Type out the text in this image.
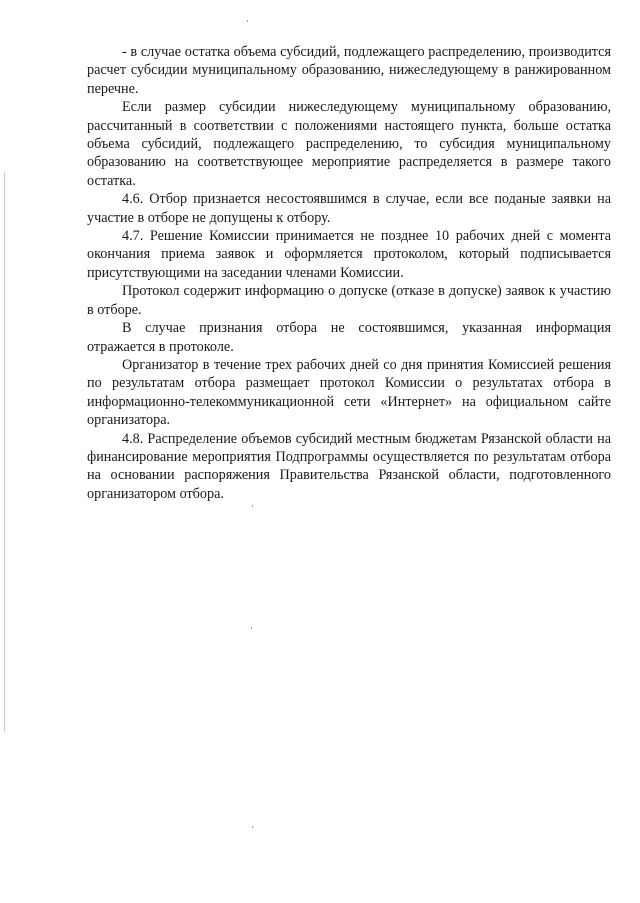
- в случае остатка объема субсидий, подлежащего распределению, производится расчет субсидии муниципальному образованию, нижеследующему в ранжированном перечне.

Если размер субсидии нижеследующему муниципальному образованию, рассчитанный в соответствии с положениями настоящего пункта, больше остатка объема субсидий, подлежащего распределению, то субсидия муниципальному образованию на соответствующее мероприятие распределяется в размере такого остатка.

4.6. Отбор признается несостоявшимся в случае, если все поданые заявки на участие в отборе не допущены к отбору.

4.7. Решение Комиссии принимается не позднее 10 рабочих дней с момента окончания приема заявок и оформляется протоколом, который подписывается присутствующими на заседании членами Комиссии.

Протокол содержит информацию о допуске (отказе в допуске) заявок к участию в отборе.

В случае признания отбора не состоявшимся, указанная информация отражается в протоколе.

Организатор в течение трех рабочих дней со дня принятия Комиссией решения по результатам отбора размещает протокол Комиссии о результатах отбора в информационно-телекоммуникационной сети «Интернет» на официальном сайте организатора.

4.8. Распределение объемов субсидий местным бюджетам Рязанской области на финансирование мероприятия Подпрограммы осуществляется по результатам отбора на основании распоряжения Правительства Рязанской области, подготовленного организатором отбора.
